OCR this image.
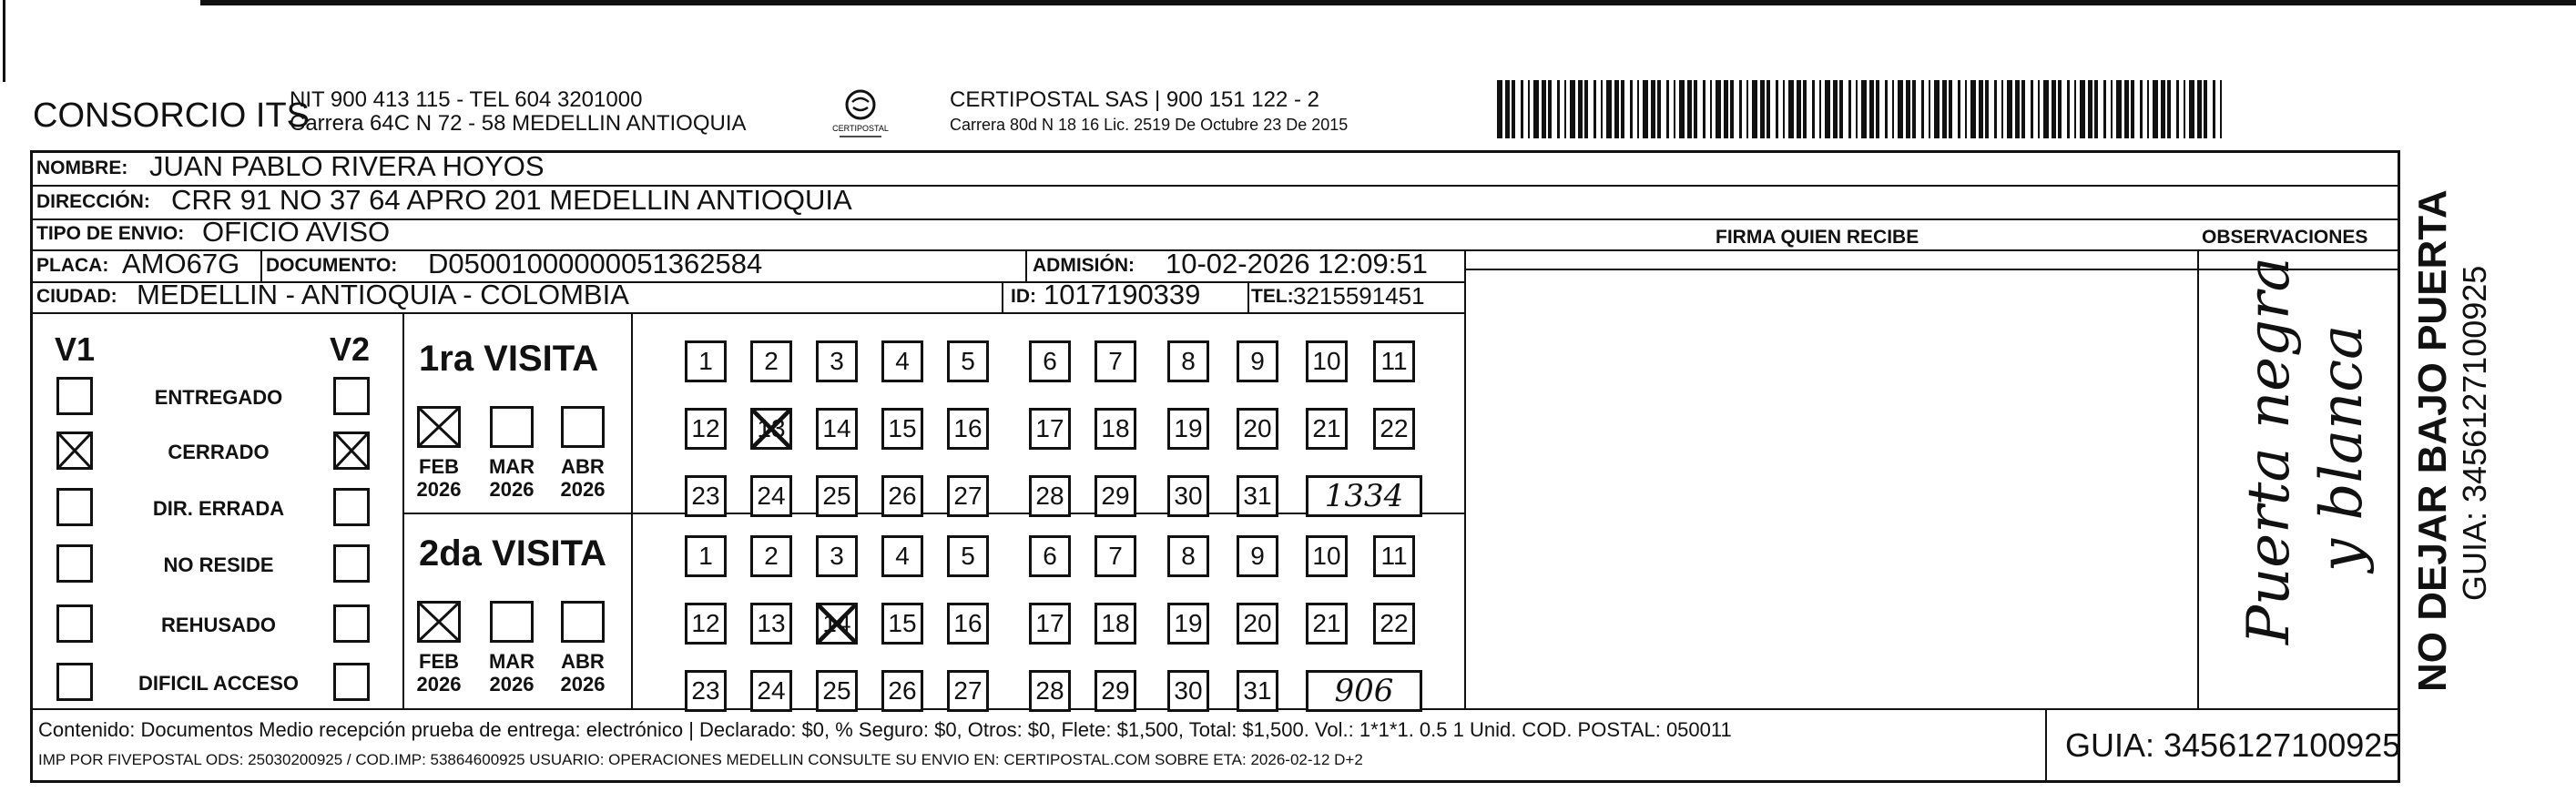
CONSORCIO ITS
NIT 900 413 115 - TEL 604 3201000
Carrera 64C N 72 - 58 MEDELLIN ANTIOQUIA	CERTIPOSTAL
CERTIPOSTAL SAS | 900 151 122 - 2
Carrera 80d N 18 16 Lic. 2519 De Octubre 23 De 2015
NOMBRE: JUAN PABLO RIVERA HOYOS
DIRECCIÓN: CRR 91 NO 37 64 APRO 201 MEDELLIN ANTIOQUIA
TIPO DE ENVIO: OFICIO AVISO	FIRMA QUIEN RECIBE	OBSERVACIONES
PLACA: AMO67G DOCUMENTO: D05001000000051362584	ADMISIÓN: 10-02-2026 12:09:51
CIUDAD: MEDELLIN - ANTIOQUIA - COLOMBIA	ID: 1017190339	TEL: 3215591451
V1	V2
ENTREGADO
CERRADO
DIR. ERRADA
NO RESIDE
REHUSADO
DIFICIL ACCESO
1ra VISITA
2da VISITA
FEB
2026
MAR
2026
ABR
2026
1	2	3	4	5	6	7	8	9	10	11
12 13 14 15 16 17 18 19 20 21 22
23 24 25 26 27 28 29 30 31	1334
FEB
2026
MAR
2026
ABR
2026
1	2	3	4	5	6	7	8	9	10	11
12 13 14 15 16 17 18 19 20 21 22
23 24 25 26 27 28 29 30 31	906
Puerta negra y blanca
Contenido: Documentos Medio recepción prueba de entrega: electrónico | Declarado: $0, % Seguro: $0, Otros: $0, Flete: $1,500, Total: $1,500. Vol.: 1*1*1. 0.5 1 Unid. COD. POSTAL: 050011
IMP POR FIVEPOSTAL ODS: 25030200925 / COD.IMP: 53864600925 USUARIO: OPERACIONES MEDELLIN CONSULTE SU ENVIO EN: CERTIPOSTAL.COM SOBRE ETA: 2026-02-12 D+2	GUIA: 3456127100925
NO DEJAR BAJO PUERTA GUIA: 3456127100925
